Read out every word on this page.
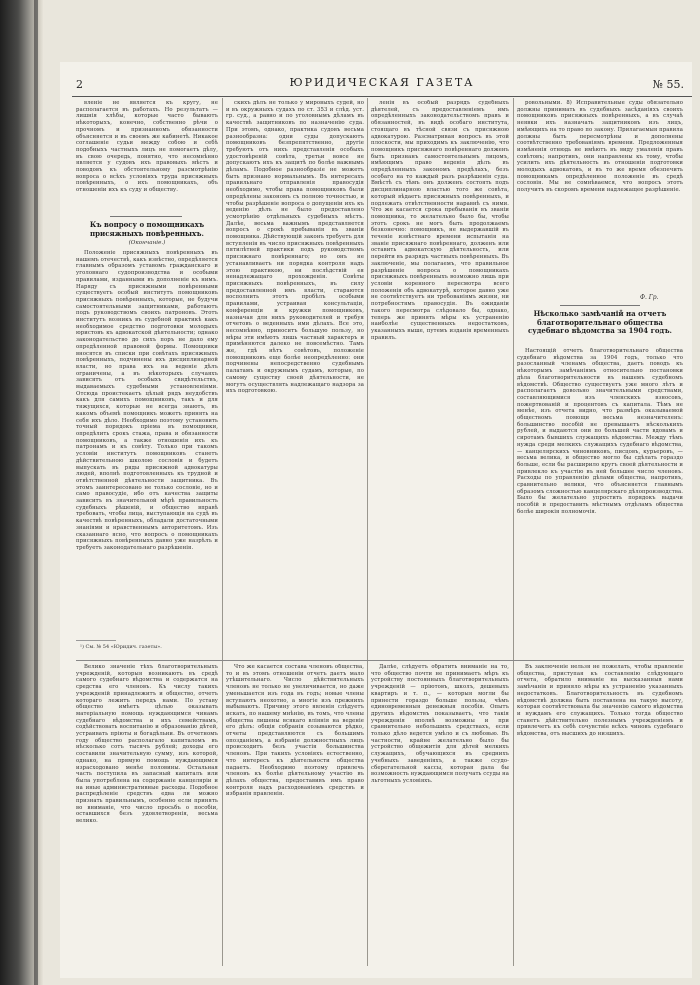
2	ЮРИДИЧЕСКАЯ ГАЗЕТА	№ 55.

вленіе не является къ кругу, не располагается въ работахъ. Но результатъ — лишнія хлѣбы, которые часто бываютъ нѣкоторыхъ, конечно, собственно рѣчи о прочномъ и признанномъ обязанности объясняется и въ своемъ же кабинетѣ. Никакое соглашеніе судьи между собою и себѣ подобныхъ частныхъ лицъ не помогаетъ дѣлу, въ свою очередь, понятно, что несомнѣнно является у судовъ ихъ правовыхъ мѣстъ и поводовъ къ обстоятельному разсмотрѣнію вопроса о всѣхъ условіяхъ труда присяжныхъ повѣренныхъ, о ихъ помощникахъ, объ отношеніи ихъ къ суду и обществу.

Къ вопросу о помощникахъ присяжныхъ повѣренныхъ.
(Окончаніе.)

Положеніе присяжныхъ повѣренныхъ въ нашемъ отечествѣ, какъ извѣстно, опредѣляется главнымъ образомъ уставомъ гражданскаго и уголовнаго судопроизводства и особыми правилами, изданными въ дополненіе къ нимъ. Наряду съ присяжными повѣренными существуетъ особый институтъ помощниковъ присяжныхъ повѣренныхъ, которые, не будучи самостоятельными защитниками, работаютъ подъ руководствомъ своихъ патроновъ. Этотъ институтъ возникъ въ судебной практикѣ какъ необходимое средство подготовки молодыхъ юристовъ къ адвокатской дѣятельности; однако законодательство до сихъ поръ не дало ему опредѣленной правовой формы. Помощники вносятся въ списки при совѣтахъ присяжныхъ повѣренныхъ, подчинены ихъ дисциплинарной власти, но права ихъ на веденіе дѣлъ ограничены, а въ нѣкоторыхъ случаяхъ зависятъ отъ особыхъ свидѣтельствъ, выдаваемыхъ судебными установленіями. Отсюда проистекаетъ цѣлый рядъ неудобствъ какъ для самихъ помощниковъ, такъ и для тяжущихся, которые не всегда знаютъ, въ какомъ объемѣ помощникъ можетъ принять на себя ихъ дѣло. Необходимо поэтому установить точный порядокъ пріема въ помощники, опредѣлить срокъ стажа, права и обязанности помощниковъ, а также отношенія ихъ къ патронамъ и къ совѣту. Только при такомъ условіи институтъ помощниковъ станетъ дѣйствительною школою сословія и будетъ выпускать въ ряды присяжной адвокатуры людей, вполнѣ подготовленныхъ къ трудной и отвѣтственной дѣятельности защитника. Въ этомъ заинтересовано не только сословіе, но и само правосудіе, ибо отъ качества защиты зависитъ въ значительной мѣрѣ правильность судебныхъ рѣшеній, и общество вправѣ требовать, чтобы лица, выступающія на судѣ въ качествѣ повѣренныхъ, обладали достаточными знаніями и нравственнымъ авторитетомъ. Изъ сказаннаго ясно, что вопросъ о помощникахъ присяжныхъ повѣренныхъ давно уже назрѣлъ и требуетъ законодательнаго разрѣшенія.

¹) См. № 54 «Юридич. газеты».

скихъ дѣлъ не только у мировыхъ судей, но и въ окружныхъ судахъ по ст. 353 и слѣд. уст. гр. суд., а равно и по уголовнымъ дѣламъ въ качествѣ защитниковъ по назначенію суда. При этомъ, однако, практика судовъ весьма разнообразна: одни суды допускаютъ помощниковъ безпрепятственно, другіе требуютъ отъ нихъ представленія особыхъ удостовѣреній совѣта, третьи вовсе не допускаютъ ихъ къ защитѣ по болѣе важнымъ дѣламъ. Подобное разнообразіе не можетъ быть признано нормальнымъ. Въ интересахъ правильнаго отправленія правосудія необходимо, чтобы права помощниковъ были опредѣлены закономъ съ полною точностью, и чтобы разрѣшеніе вопроса о допущеніи ихъ къ веденію дѣлъ не было предоставлено усмотрѣнію отдѣльныхъ судебныхъ мѣстъ. Далѣе, весьма важнымъ представляется вопросъ о срокѣ пребыванія въ званіи помощника. Дѣйствующій законъ требуетъ для вступленія въ число присяжныхъ повѣренныхъ пятилѣтней практики подъ руководствомъ присяжнаго повѣреннаго; но онъ не устанавливаетъ ни порядка контроля надъ этою практикою, ни послѣдствій ея ненадлежащаго прохожденія. Совѣты присяжныхъ повѣренныхъ, въ силу предоставленной имъ власти, стараются восполнить этотъ пробѣлъ особыми правилами, устраивая консультаціи, конференціи и кружки помощниковъ, назначая для нихъ руководителей и требуя отчетовъ о веденныхъ ими дѣлахъ. Все это, несомнѣнно, приноситъ большую пользу, но мѣры эти имѣютъ лишь частный характеръ и примѣняются далеко не повсемѣстно. Тамъ же, гдѣ нѣтъ совѣтовъ, положеніе помощниковъ еще болѣе неопредѣленно: они подчинены непосредственно судебнымъ палатамъ и окружнымъ судамъ, которые, по самому существу своей дѣятельности, не могутъ осуществлять надлежащаго надзора за ихъ подготовкою.

ленія въ особый разрядъ судебныхъ дѣятелей, съ предоставленіемъ имъ опредѣленныхъ законодательствомъ правъ и обязанностей, въ видѣ особаго института, стоящаго въ тѣсной связи съ присяжною адвокатурою. Разсматривая вопросъ въ этой плоскости, мы приходимъ къ заключенію, что помощникъ присяжнаго повѣреннаго долженъ быть признанъ самостоятельнымъ лицомъ, имѣющимъ право веденія дѣлъ въ опредѣленныхъ закономъ предѣлахъ, безъ особаго на то каждый разъ разрѣшенія суда. Вмѣстѣ съ тѣмъ онъ долженъ состоять подъ дисциплинарною властью того же совѣта, который вѣдаетъ присяжныхъ повѣренныхъ, и подлежать отвѣтственности наравнѣ съ ними. Что же касается срока пребыванія въ званіи помощника, то желательно было бы, чтобы этотъ срокъ не могъ быть продолжаемъ безконечно: помощникъ, не выдержавшій въ теченіе извѣстнаго времени испытанія на званіе присяжнаго повѣреннаго, долженъ или оставить адвокатскую дѣятельность, или перейти въ разрядъ частныхъ повѣренныхъ. Въ заключеніе, мы полагаемъ, что правильное разрѣшеніе вопроса о помощникахъ присяжныхъ повѣренныхъ возможно лишь при условіи коренного пересмотра всего положенія объ адвокатурѣ, которое давно уже не соотвѣтствуетъ ни требованіямъ жизни, ни потребностямъ правосудія. Въ ожиданіи такого пересмотра слѣдовало бы, однако, теперь же принять мѣры къ устраненію наиболѣе существенныхъ недостатковъ, указанныхъ выше, путемъ изданія временныхъ правилъ.

ровольными. 8) Исправительные суды обязательно должны принимать въ судебныхъ засѣданіяхъ своихъ помощниковъ присяжныхъ повѣренныхъ, а въ случаѣ неявки ихъ назначать защитниковъ изъ лицъ, имѣющихъ на то право по закону. Прилагаемыя правила должны быть пересмотрѣны и дополнены соотвѣтственно требованіямъ времени. Предложенныя измѣненія отнюдь не имѣютъ въ виду умаленія правъ совѣтовъ; напротивъ, они направлены къ тому, чтобы усилить ихъ дѣятельность въ отношеніи подготовки молодыхъ адвокатовъ, и въ то же время обезпечить помощникамъ опредѣленное положеніе въ средѣ сословія. Мы не сомнѣваемся, что вопросъ этотъ получитъ въ скоромъ времени надлежащее разрѣшеніе.

Ф. Гр.
Нѣсколько замѣчаній на отчетъ благотворительнаго общества судебнаго вѣдомства за 1904 годъ.

Настоящій отчетъ благотворительнаго общества судебнаго вѣдомства за 1904 годъ, только что разосланный членамъ общества, даетъ поводъ къ нѣкоторымъ замѣчаніямъ относительно постановки дѣла благотворительности въ нашемъ судебномъ вѣдомствѣ. Общество существуетъ уже много лѣтъ и располагаетъ довольно значительными средствами, составляющимися изъ членскихъ взносовъ, пожертвованій и процентовъ съ капитала. Тѣмъ не менѣе, изъ отчета видно, что размѣръ оказываемой обществомъ помощи весьма незначителенъ: большинство пособій не превышаетъ нѣсколькихъ рублей, и выдаются они по большей части вдовамъ и сиротамъ бывшихъ служащихъ вѣдомства. Между тѣмъ нужда среди мелкихъ служащихъ судебнаго вѣдомства, — канцелярскихъ чиновниковъ, писцовъ, курьеровъ, — весьма велика, и общество могло бы сдѣлать гораздо больше, если бы расширило кругъ своей дѣятельности и привлекло къ участію въ ней большее число членовъ. Расходы по управленію дѣлами общества, напротивъ, сравнительно велики, что объясняется главнымъ образомъ сложностью канцелярскаго дѣлопроизводства. Было бы желательно упростить порядокъ выдачи пособій и предоставить мѣстнымъ отдѣламъ общества болѣе широкія полномочія.

Велико значеніе тѣхъ благотворительныхъ учрежденій, которыя возникаютъ въ средѣ самого судебнаго вѣдомства и содержатся на средства его членовъ. Къ числу такихъ учрежденій принадлежитъ и общество, отчетъ котораго лежитъ передъ нами. По уставу общество имѣетъ цѣлью оказывать матеріальную помощь нуждающимся чинамъ судебнаго вѣдомства и ихъ семействамъ, содѣйствовать воспитанію и образованію дѣтей, устраивать пріюты и богадѣльни. Въ отчетномъ году общество располагало капиталомъ въ нѣсколько сотъ тысячъ рублей; доходы его составили значительную сумму, изъ которой, однако, на прямую помощь нуждающимся израсходовано менѣе половины. Остальная часть поступила въ запасный капиталъ или была употреблена на содержаніе канцеляріи и на иные административные расходы. Подобное распредѣленіе средствъ едва ли можно признать правильнымъ, особенно если принять во вниманіе, что число просьбъ о пособіи, оставшихся безъ удовлетворенія, весьма велико.

Что же касается состава членовъ общества, то и въ этомъ отношеніи отчетъ даетъ мало утѣшительнаго. Число дѣйствительныхъ членовъ не только не увеличивается, но даже уменьшается изъ года въ годъ; новые члены вступаютъ неохотно, а многіе изъ прежнихъ выбываютъ. Причину этого явленія слѣдуетъ искать, по нашему мнѣнію, въ томъ, что члены общества лишены всякаго вліянія на веденіе его дѣлъ: общія собранія созываются рѣдко, отчеты представляются съ большимъ опозданіемъ, а избраніе должностныхъ лицъ происходитъ безъ участія большинства членовъ. При такихъ условіяхъ естественно, что интересъ къ дѣятельности общества падаетъ. Необходимо поэтому привлечь членовъ къ болѣе дѣятельному участію въ дѣлахъ общества, предоставивъ имъ право контроля надъ расходованіемъ средствъ и избранія правленія.

Далѣе, слѣдуетъ обратить вниманіе на то, что общество почти не принимаетъ мѣръ къ устройству постоянныхъ благотворительныхъ учрежденій — пріютовъ, школъ, дешевыхъ квартиръ и т. п., — которыя могли бы принести гораздо больше пользы, чѣмъ единовременныя денежныя пособія. Опытъ другихъ вѣдомствъ показываетъ, что такія учрежденія вполнѣ возможны и при сравнительно небольшихъ средствахъ, если только дѣло ведется умѣло и съ любовью. Въ частности, крайне желательно было бы устройство общежитія для дѣтей мелкихъ служащихъ, обучающихся въ среднихъ учебныхъ заведеніяхъ, а также ссудо-сберегательной кассы, которая дала бы возможность нуждающимся получать ссуды на льготныхъ условіяхъ.

Въ заключеніе нельзя не пожелать, чтобы правленіе общества, приступая къ составленію слѣдующаго отчета, обратило вниманіе на высказанныя нами замѣчанія и приняло мѣры къ устраненію указанныхъ недостатковъ. Благотворительность въ судебномъ вѣдомствѣ должна быть поставлена на такую высоту, которая соотвѣтствовала бы значенію самого вѣдомства и нуждамъ его служащихъ. Только тогда общество станетъ дѣйствительно полезнымъ учрежденіемъ и привлечетъ къ себѣ сочувствіе всѣхъ чиновъ судебнаго вѣдомства, отъ высшихъ до низшихъ.
